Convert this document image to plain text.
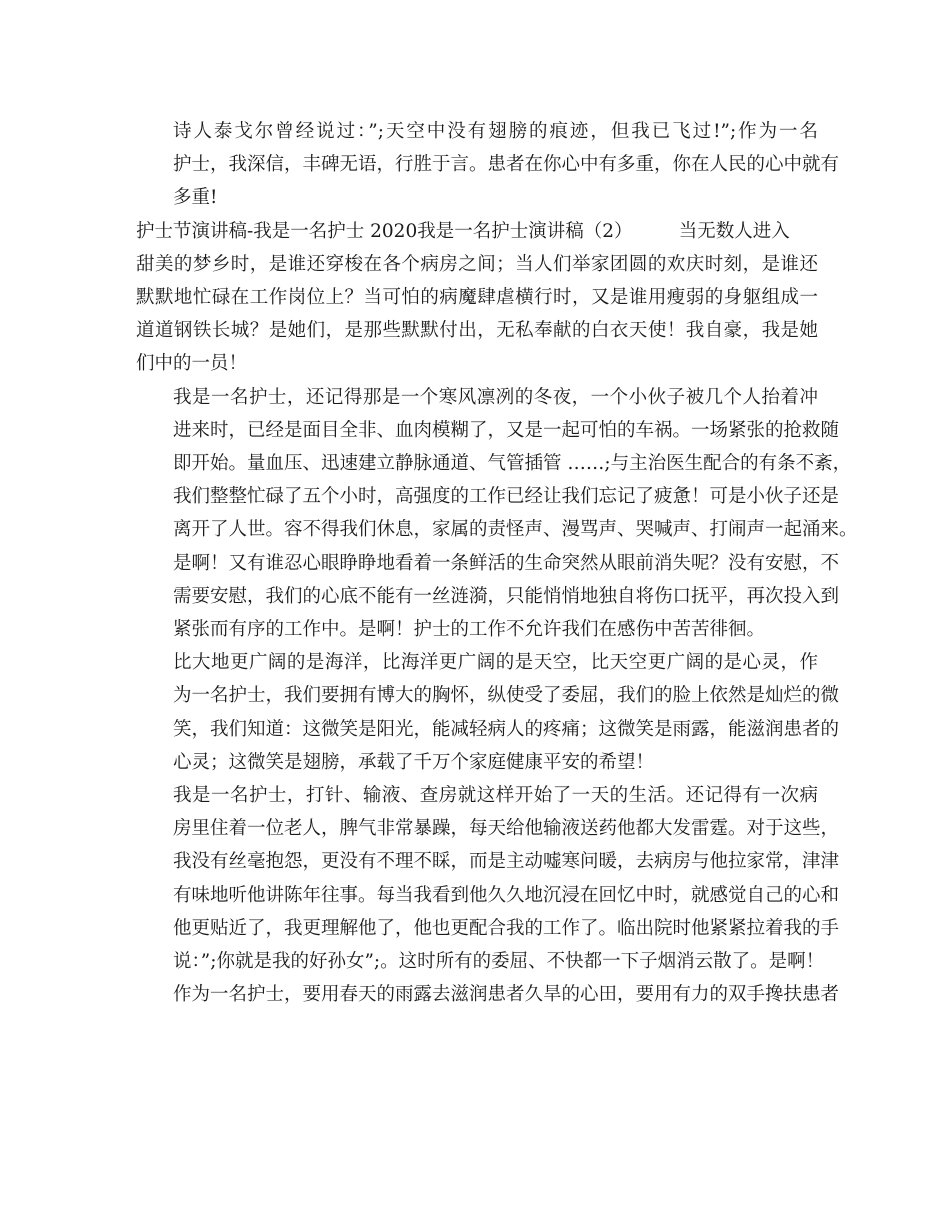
诗人泰戈尔曾经说过：”;天空中没有翅膀的痕迹，但我已飞过!”;作为一名
护士，我深信，丰碑无语，行胜于言。患者在你心中有多重，你在人民的心中就有
多重!
护士节演讲稿-我是一名护士 2020我是一名护士演讲稿（2）　　　当无数人进入
甜美的梦乡时，是谁还穿梭在各个病房之间；当人们举家团圆的欢庆时刻，是谁还
默默地忙碌在工作岗位上？当可怕的病魔肆虐横行时，又是谁用瘦弱的身躯组成一
道道钢铁长城？是她们，是那些默默付出，无私奉献的白衣天使！我自豪，我是她
们中的一员！
我是一名护士，还记得那是一个寒风凛冽的冬夜，一个小伙子被几个人抬着冲
进来时，已经是面目全非、血肉模糊了，又是一起可怕的车祸。一场紧张的抢救随
即开始。量血压、迅速建立静脉通道、气管插管 ……;与主治医生配合的有条不紊，
我们整整忙碌了五个小时，高强度的工作已经让我们忘记了疲惫！可是小伙子还是
离开了人世。容不得我们休息，家属的责怪声、漫骂声、哭喊声、打闹声一起涌来。
是啊！又有谁忍心眼睁睁地看着一条鲜活的生命突然从眼前消失呢？没有安慰，不
需要安慰，我们的心底不能有一丝涟漪，只能悄悄地独自将伤口抚平，再次投入到
紧张而有序的工作中。是啊！护士的工作不允许我们在感伤中苦苦徘徊。
比大地更广阔的是海洋，比海洋更广阔的是天空，比天空更广阔的是心灵，作
为一名护士，我们要拥有博大的胸怀，纵使受了委屈，我们的脸上依然是灿烂的微
笑，我们知道：这微笑是阳光，能减轻病人的疼痛；这微笑是雨露，能滋润患者的
心灵；这微笑是翅膀，承载了千万个家庭健康平安的希望！
我是一名护士，打针、输液、查房就这样开始了一天的生活。还记得有一次病
房里住着一位老人，脾气非常暴躁，每天给他输液送药他都大发雷霆。对于这些，
我没有丝毫抱怨，更没有不理不睬，而是主动嘘寒问暖，去病房与他拉家常，津津
有味地听他讲陈年往事。每当我看到他久久地沉浸在回忆中时，就感觉自己的心和
他更贴近了，我更理解他了，他也更配合我的工作了。临出院时他紧紧拉着我的手
说：”;你就是我的好孙女”;。这时所有的委屈、不快都一下子烟消云散了。是啊！
作为一名护士，要用春天的雨露去滋润患者久旱的心田，要用有力的双手搀扶患者
